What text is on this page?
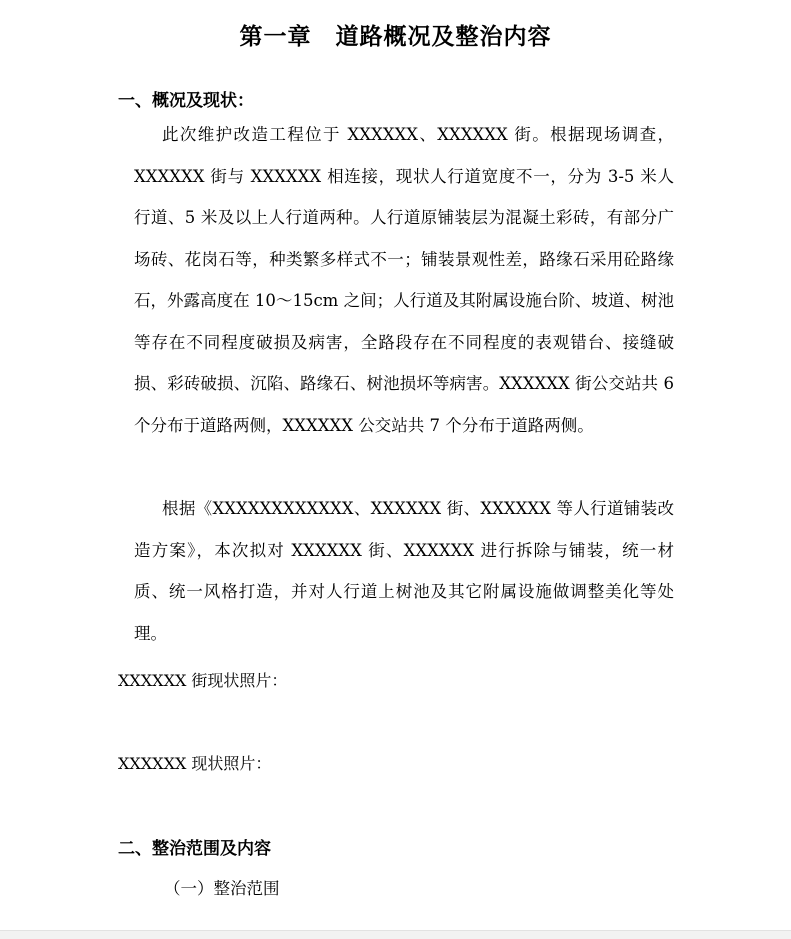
第一章　道路概况及整治内容
一、概况及现状：
此次维护改造工程位于 XXXXXX、XXXXXX 街。根据现场调查，XXXXXX 街与 XXXXXX 相连接，现状人行道宽度不一，分为 3-5 米人行道、5 米及以上人行道两种。人行道原铺装层为混凝土彩砖，有部分广场砖、花岗石等，种类繁多样式不一；铺装景观性差，路缘石采用砼路缘石，外露高度在 10～15cm 之间；人行道及其附属设施台阶、坡道、树池等存在不同程度破损及病害，全路段存在不同程度的表观错台、接缝破损、彩砖破损、沉陷、路缘石、树池损坏等病害。XXXXXX 街公交站共 6 个分布于道路两侧，XXXXXX 公交站共 7 个分布于道路两侧。
根据《XXXXXXXXXXXX、XXXXXX 街、XXXXXX 等人行道铺装改造方案》，本次拟对 XXXXXX 街、XXXXXX 进行拆除与铺装，统一材质、统一风格打造，并对人行道上树池及其它附属设施做调整美化等处理。
XXXXXX 街现状照片：
XXXXXX 现状照片：
二、整治范围及内容
（一）整治范围
